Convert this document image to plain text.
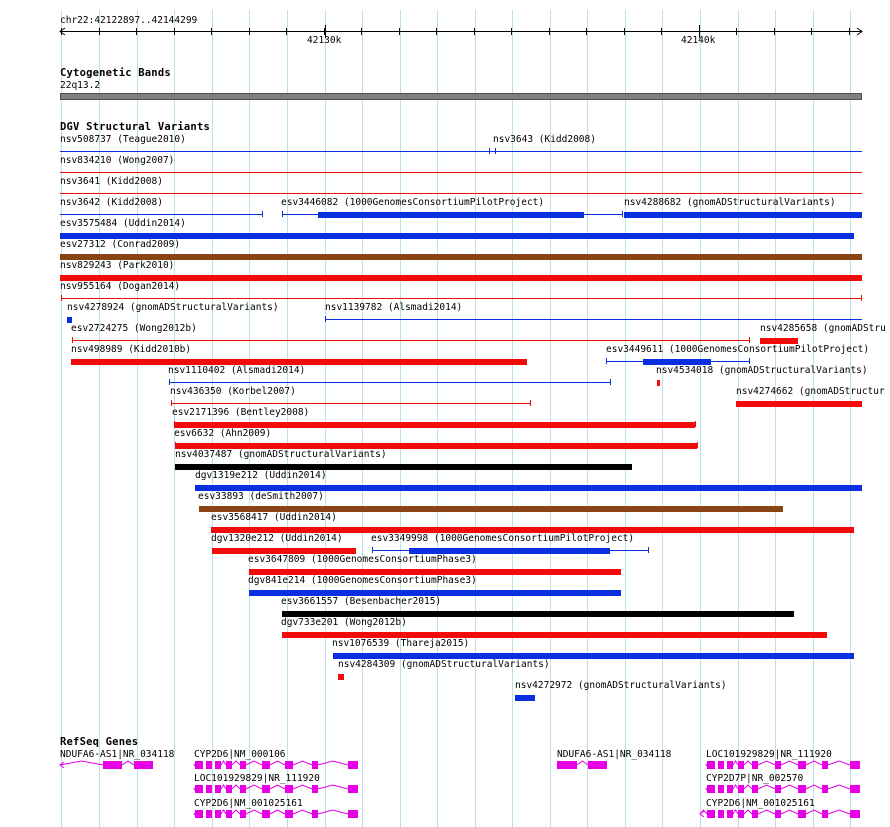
chr22:42122897..42144299
42130k	42140k
Cytogenetic Bands
22q13.2
DGV Structural Variants
RefSeq Genes
nsv508737 (Teague2010)	nsv3643 (Kidd2008)
nsv834210 (Wong2007)
nsv3641 (Kidd2008)
nsv3642 (Kidd2008)	esv3446082 (1000GenomesConsortiumPilotProject)	nsv4288682 (gnomADStructuralVariants)
esv3575484 (Uddin2014)
esv27312 (Conrad2009)
nsv829243 (Park2010)
nsv955164 (Dogan2014)
nsv4278924 (gnomADStructuralVariants)	nsv1139782 (Alsmadi2014)
esv2724275 (Wong2012b)	nsv4285658 (gnomADStru
nsv498989 (Kidd2010b)	esv3449611 (1000GenomesConsortiumPilotProject)
nsv1110402 (Alsmadi2014)	nsv4534018 (gnomADStructuralVariants)
nsv436350 (Korbel2007)	nsv4274662 (gnomADStructur
esv2171396 (Bentley2008)
esv6632 (Ahn2009)
nsv4037487 (gnomADStructuralVariants)
dgv1319e212 (Uddin2014)
esv33893 (deSmith2007)
esv3568417 (Uddin2014)
dgv1320e212 (Uddin2014)	esv3349998 (1000GenomesConsortiumPilotProject)
esv3647809 (1000GenomesConsortiumPhase3)
dgv841e214 (1000GenomesConsortiumPhase3)
esv3661557 (Besenbacher2015)
dgv733e201 (Wong2012b)
nsv1076539 (Thareja2015)
nsv4284309 (gnomADStructuralVariants)
nsv4272972 (gnomADStructuralVariants)
NDUFA6-AS1|NR_034118 CYP2D6|NM_000106
LOC101929829|NR_111920
CYP2D6|NM_001025161
NDUFA6-AS1|NR_034118	LOC101929829|NR_111920
CYP2D7P|NR_002570
CYP2D6|NM_001025161
